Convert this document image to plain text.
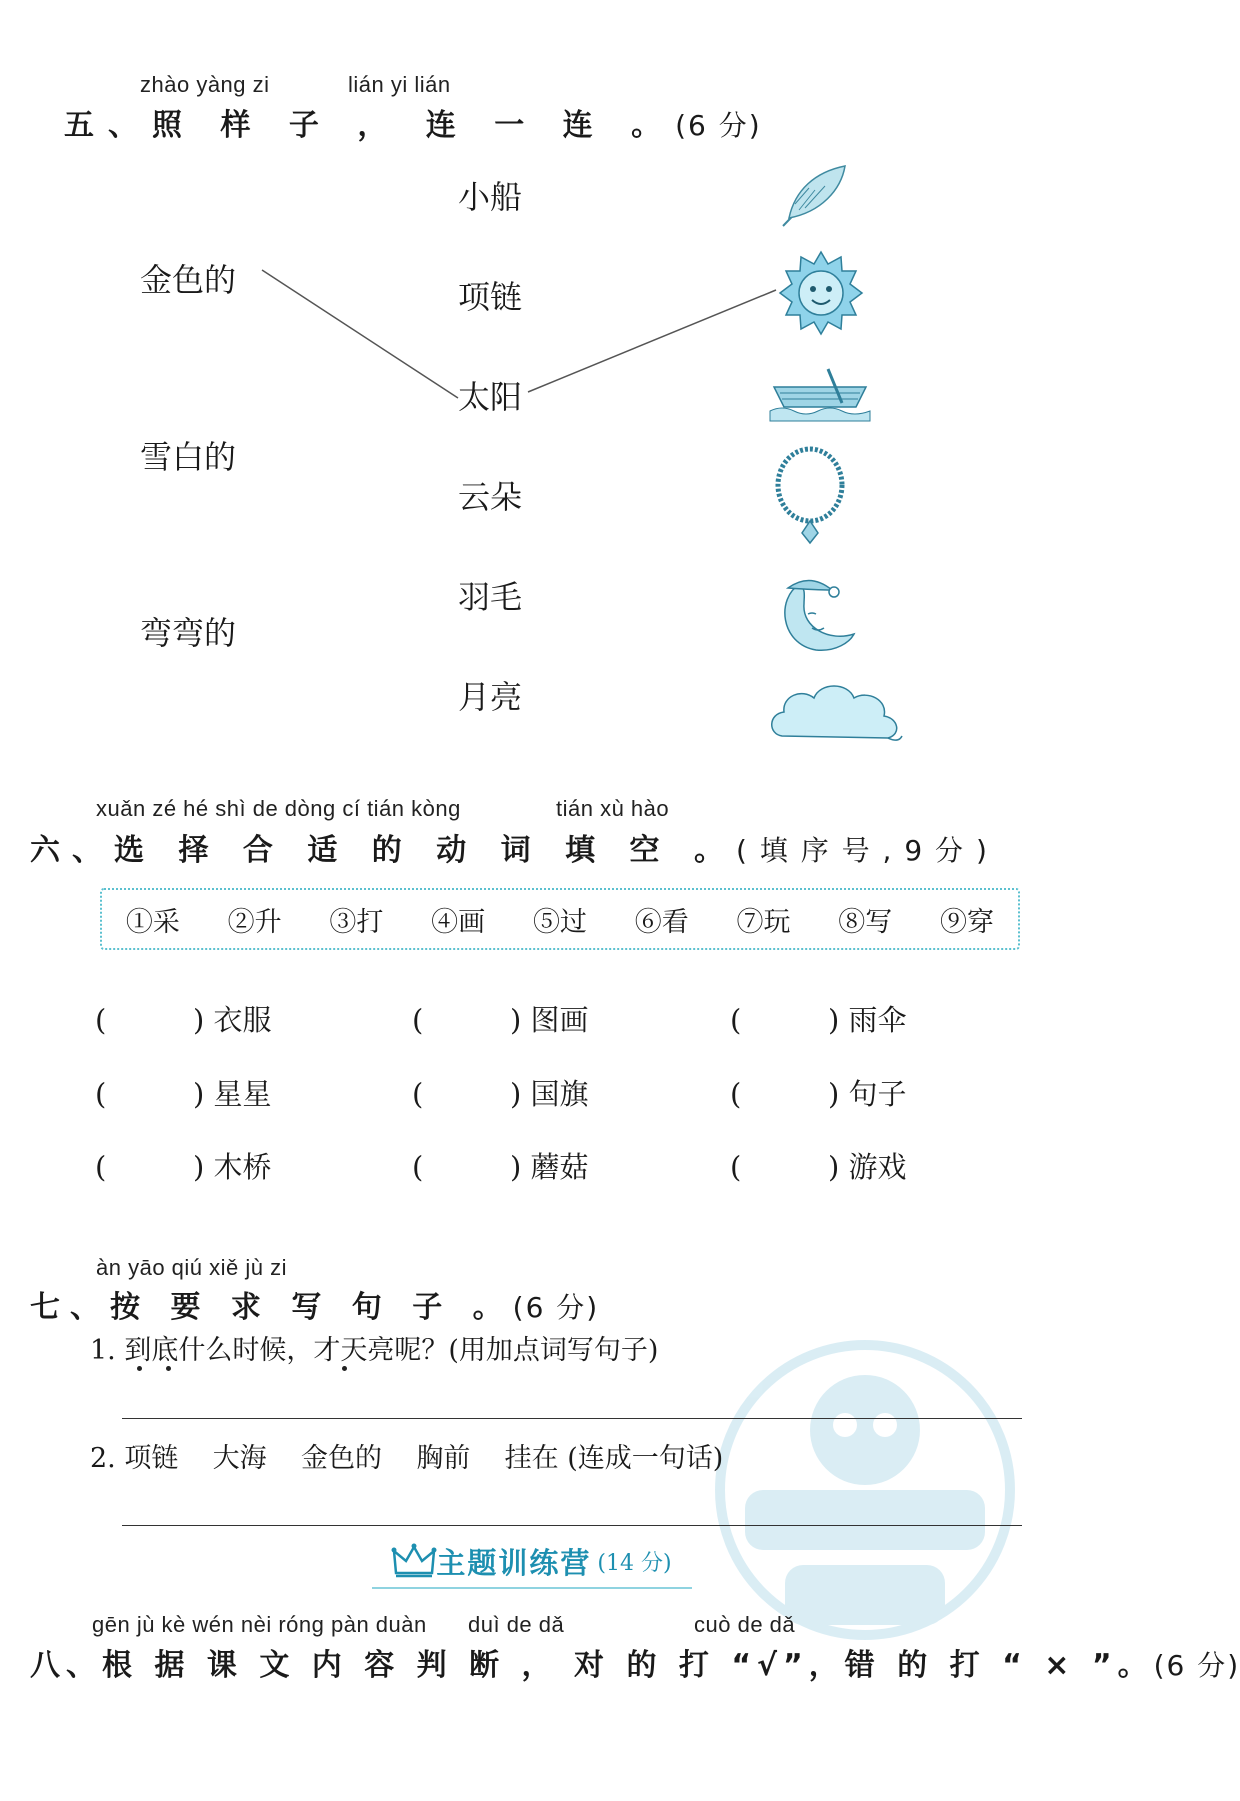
zhào yàng zi	lián yi lián
五、照 样 子 ， 连 一 连 。(6 分)
金色的
雪白的
弯弯的
小船
项链
太阳
云朵
羽毛
月亮
xuǎn zé hé shì de dòng cí tián kòng	tián xù hào
六、选 择 合 适 的 动 词 填 空 。( 填 序 号 , 9 分 )
①采 ②升 ③打 ④画 ⑤过 ⑥看 ⑦玩 ⑧写 ⑨穿
(	) 衣服	(	) 图画	(	) 雨伞
(	) 星星	(	) 国旗	(	) 句子
(	) 木桥	(	) 蘑菇	(	) 游戏
àn yāo qiú xiě jù zi
七、按 要 求 写 句 子 。(6 分)
1. 到底什么时候，才天亮呢？(用加点词写句子)
2. 项链    大海    金色的    胸前    挂在 (连成一句话)
主题训练营 (14 分)
gēn jù kè wén nèi róng pàn duàn duì de dǎ	cuò de dǎ
八、根 据 课 文 内 容 判 断 ， 对 的 打 “√”，错 的 打 “ × ”。(6 分)
